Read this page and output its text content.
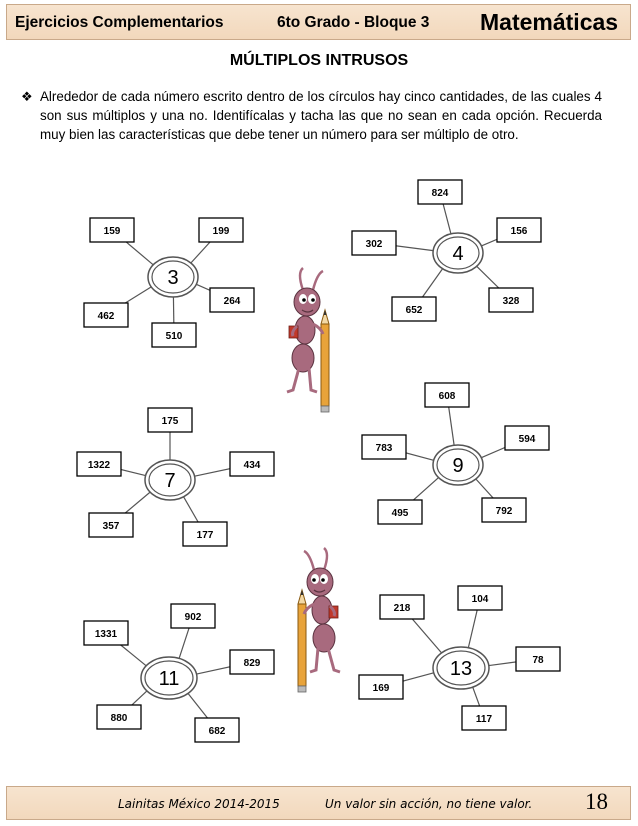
Ejercicios Complementarios	6to Grado - Bloque 3 Matemáticas
MÚLTIPLOS INTRUSOS
❖ Alrededor de cada número escrito dentro de los círculos hay cinco cantidades, de las cuales 4 son sus múltiplos y una no. Identifícalas y tacha las que no sean en cada opción. Recuerda muy bien las características que debe tener un número para ser múltiplo de otro.
3
159	199
264
510
462
4
824
156
328
652
302
7
175
434
177
357
1322	9
608
594
792
495
783
11
902
829
682
880
1331
13
104
78
117
169
218
Lainitas México 2014-2015	Un valor sin acción, no tiene valor. 18
